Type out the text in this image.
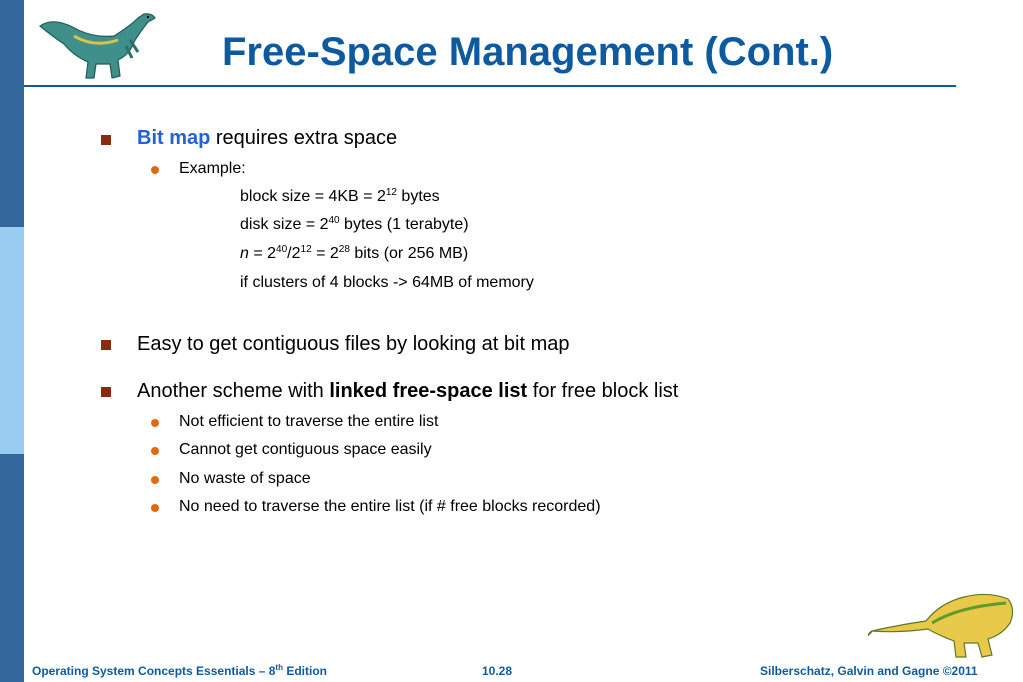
Free-Space Management (Cont.)
Bit map requires extra space
Example:
block size = $4KB = 2^{12}$ bytes
disk size = $2^{40}$ bytes (1 terabyte)
$n = 2^{40}/2^{12} = 2^{28}$ bits (or 256 MB)
if clusters of 4 blocks -> 64MB of memory
Easy to get contiguous files by looking at bit map
Another scheme with linked free-space list for free block list
Not efficient to traverse the entire list
Cannot get contiguous space easily
No waste of space
No need to traverse the entire list (if # free blocks recorded)
Operating System Concepts Essentials – 8th Edition	10.28	Silberschatz, Galvin and Gagne ©2011
